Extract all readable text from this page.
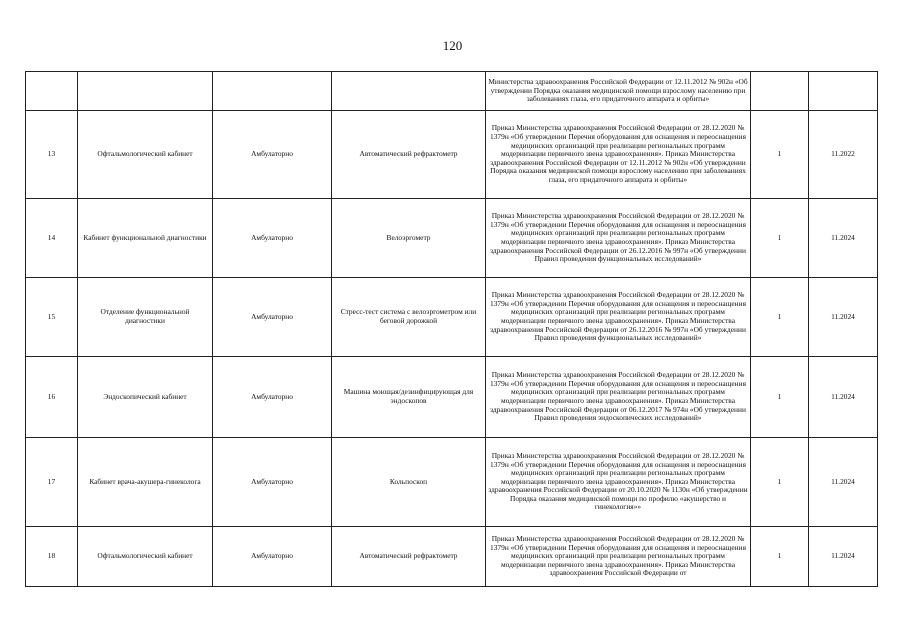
120
				Министерства здравоохранения Российской Федерации от 12.11.2012 № 902н «Об утверждении Порядка оказания медицинской помощи взрослому населению при заболеваниях глаза, его придаточного аппарата и орбиты»		
13	Офтальмологический кабинет	Амбулаторно	Автоматический рефрактометр	Приказ Министерства здравоохранения Российской Федерации от 28.12.2020 № 1379н «Об утверждении Перечня оборудования для оснащения и переоснащения медицинских организаций при реализации региональных программ модернизации первичного звена здравоохранения». Приказ Министерства здравоохранения Российской Федерации от 12.11.2012 № 902н «Об утверждении Порядка оказания медицинской помощи взрослому населению при заболеваниях глаза, его придаточного аппарата и орбиты»	1	11.2022
14	Кабинет функциональной диагностики	Амбулаторно	Велоэргометр	Приказ Министерства здравоохранения Российской Федерации от 28.12.2020 № 1379н «Об утверждении Перечня оборудования для оснащения и переоснащения медицинских организаций при реализации региональных программ модернизации первичного звена здравоохранения». Приказ Министерства здравоохранения Российской Федерации от 26.12.2016 № 997н «Об утверждении Правил проведения функциональных исследований»	1	11.2024
15	Отделение функциональной диагностики	Амбулаторно	Стресс-тест система с велоэргометром или беговой дорожкой	Приказ Министерства здравоохранения Российской Федерации от 28.12.2020 № 1379н «Об утверждении Перечня оборудования для оснащения и переоснащения медицинских организаций при реализации региональных программ модернизации первичного звена здравоохранения». Приказ Министерства здравоохранения Российской Федерации от 26.12.2016 № 997н «Об утверждении Правил проведения функциональных исследований»	1	11.2024
16	Эндоскопический кабинет	Амбулаторно	Машина моющая/дезинфицирующая для эндоскопов	Приказ Министерства здравоохранения Российской Федерации от 28.12.2020 № 1379н «Об утверждении Перечня оборудования для оснащения и переоснащения медицинских организаций при реализации региональных программ модернизации первичного звена здравоохранения». Приказ Министерства здравоохранения Российской Федерации от 06.12.2017 № 974н «Об утверждении Правил проведения эндоскопических исследований»	1	11.2024
17	Кабинет врача-акушера-гинеколога	Амбулаторно	Кольпоскоп	Приказ Министерства здравоохранения Российской Федерации от 28.12.2020 № 1379н «Об утверждении Перечня оборудования для оснащения и переоснащения медицинских организаций при реализации региональных программ модернизации первичного звена здравоохранения». Приказ Министерства здравоохранения Российской Федерации от 20.10.2020 № 1130н «Об утверждении Порядка оказания медицинской помощи по профилю «акушерство и гинекология»»	1	11.2024
18	Офтальмологический кабинет	Амбулаторно	Автоматический рефрактометр	Приказ Министерства здравоохранения Российской Федерации от 28.12.2020 № 1379н «Об утверждении Перечня оборудования для оснащения и переоснащения медицинских организаций при реализации региональных программ модернизации первичного звена здравоохранения». Приказ Министерства здравоохранения Российской Федерации от	1	11.2024
